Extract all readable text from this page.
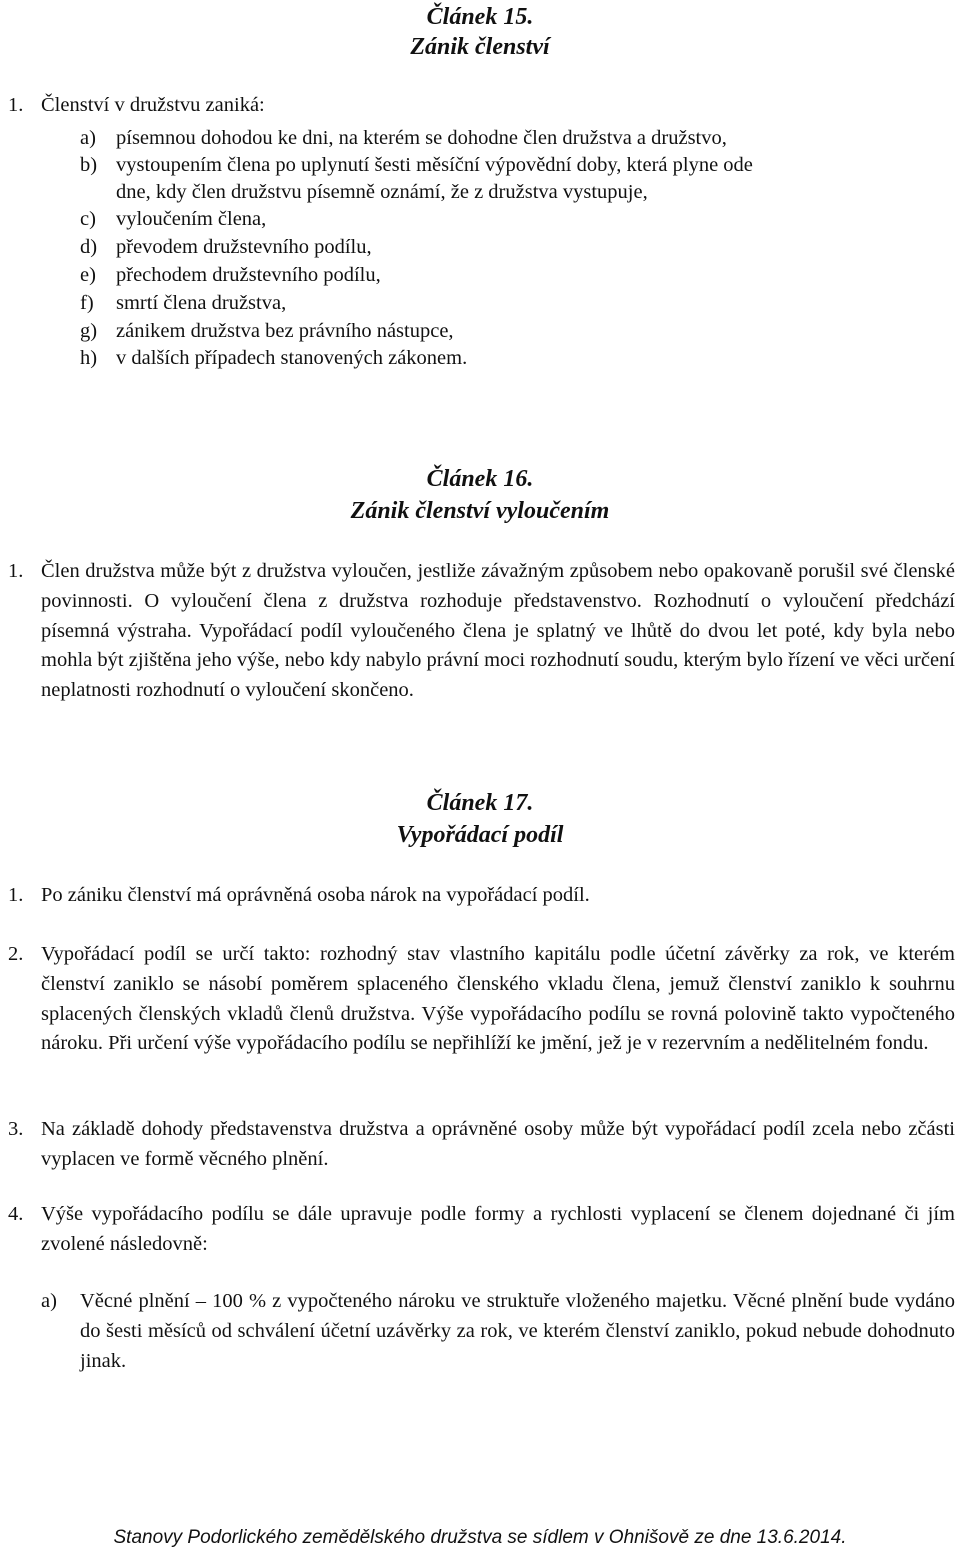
Článek 15.
Zánik členství
1. Členství v družstvu zaniká:
a) písemnou dohodou ke dni, na kterém se dohodne člen družstva a družstvo,
b) vystoupením člena po uplynutí šesti měsíční výpovědní doby, která plyne ode
dne, kdy člen družstvu písemně oznámí, že z družstva vystupuje,
c) vyloučením člena,
d) převodem družstevního podílu,
e) přechodem družstevního podílu,
f) smrtí člena družstva,
g) zánikem družstva bez právního nástupce,
h) v dalších případech stanovených zákonem.
Článek 16.
Zánik členství vyloučením
1. Člen družstva může být z družstva vyloučen, jestliže závažným způsobem nebo opakovaně porušil své členské povinnosti. O vyloučení člena z družstva rozhoduje představenstvo. Rozhodnutí o vyloučení předchází písemná výstraha. Vypořádací podíl vyloučeného člena je splatný ve lhůtě do dvou let poté, kdy byla nebo mohla být zjištěna jeho výše, nebo kdy nabylo právní moci rozhodnutí soudu, kterým bylo řízení ve věci určení neplatnosti rozhodnutí o vyloučení skončeno.
Článek 17.
Vypořádací podíl
1. Po zániku členství má oprávněná osoba nárok na vypořádací podíl.
2. Vypořádací podíl se určí takto: rozhodný stav vlastního kapitálu podle účetní závěrky za rok, ve kterém členství zaniklo se násobí poměrem splaceného členského vkladu člena, jemuž členství zaniklo k souhrnu splacených členských vkladů členů družstva. Výše vypořádacího podílu se rovná polovině takto vypočteného nároku. Při určení výše vypořádacího podílu se nepřihlíží ke jmění, jež je v rezervním a nedělitelném fondu.
3. Na základě dohody představenstva družstva a oprávněné osoby může být vypořádací podíl zcela nebo zčásti vyplacen ve formě věcného plnění.
4. Výše vypořádacího podílu se dále upravuje podle formy a rychlosti vyplacení se členem dojednané či jím zvolené následovně:
a) Věcné plnění – 100 % z vypočteného nároku ve struktuře vloženého majetku. Věcné plnění bude vydáno do šesti měsíců od schválení účetní uzávěrky za rok, ve kterém členství zaniklo, pokud nebude dohodnuto jinak.
Stanovy Podorlického zemědělského družstva se sídlem v Ohnišově ze dne 13.6.2014.
